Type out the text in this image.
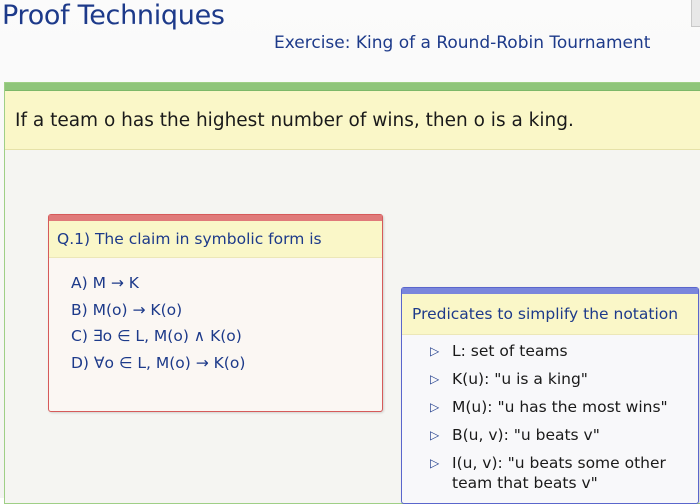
Proof Techniques
Exercise: King of a Round-Robin Tournament
If a team o has the highest number of wins, then o is a king.
Q.1) The claim in symbolic form is
A) M → K
B) M(o) → K(o)
C) ∃o ∈ L, M(o) ∧ K(o)
D) ∀o ∈ L, M(o) → K(o)
Predicates to simplify the notation
▷ L: set of teams
▷ K(u): "u is a king"
▷ M(u): "u has the most wins"
▷ B(u, v): "u beats v"
▷ I(u, v): "u beats some other team that beats v"
